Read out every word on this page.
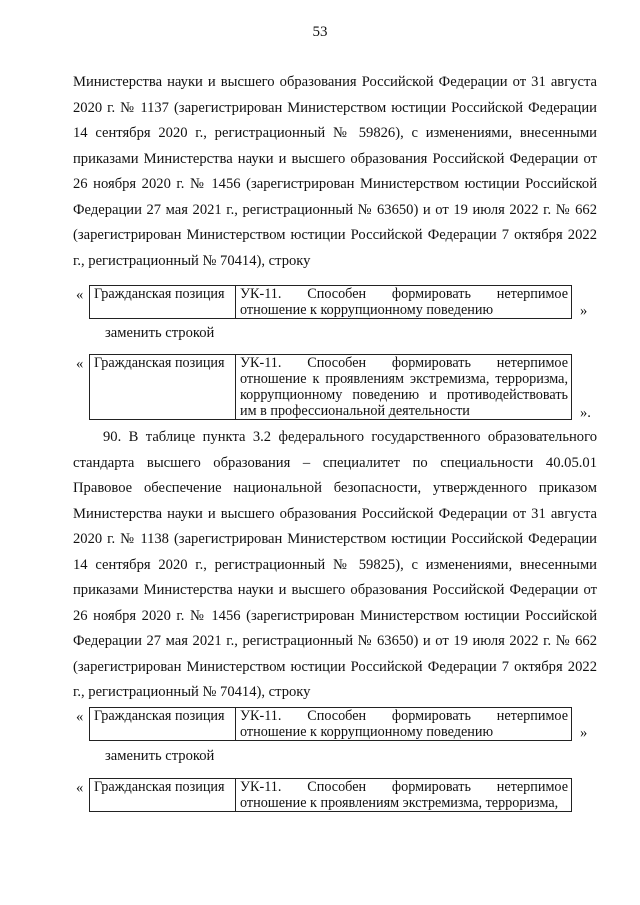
53

Министерства науки и высшего образования Российской Федерации от 31 августа 2020 г. № 1137 (зарегистрирован Министерством юстиции Российской Федерации 14 сентября 2020 г., регистрационный № 59826), с изменениями, внесенными приказами Министерства науки и высшего образования Российской Федерации от 26 ноября 2020 г. № 1456 (зарегистрирован Министерством юстиции Российской Федерации 27 мая 2021 г., регистрационный № 63650) и от 19 июля 2022 г. № 662 (зарегистрирован Министерством юстиции Российской Федерации 7 октября 2022 г., регистрационный № 70414), строку

« Гражданская позиция	УК-11. Способен формировать нетерпимое
отношение к коррупционному поведению	»
заменить строкой
« Гражданская позиция	УК-11. Способен формировать нетерпимое
отношение к проявлениям экстремизма, терроризма,
коррупционному поведению и противодействовать
им в профессиональной деятельности	».

90. В таблице пункта 3.2 федерального государственного образовательного стандарта высшего образования – специалитет по специальности 40.05.01 Правовое обеспечение национальной безопасности, утвержденного приказом Министерства науки и высшего образования Российской Федерации от 31 августа 2020 г. № 1138 (зарегистрирован Министерством юстиции Российской Федерации 14 сентября 2020 г., регистрационный № 59825), с изменениями, внесенными приказами Министерства науки и высшего образования Российской Федерации от 26 ноября 2020 г. № 1456 (зарегистрирован Министерством юстиции Российской Федерации 27 мая 2021 г., регистрационный № 63650) и от 19 июля 2022 г. № 662 (зарегистрирован Министерством юстиции Российской Федерации 7 октября 2022 г., регистрационный № 70414), строку

« Гражданская позиция	УК-11. Способен формировать нетерпимое
отношение к коррупционному поведению	»
заменить строкой
« Гражданская позиция	УК-11. Способен формировать нетерпимое
отношение к проявлениям экстремизма, терроризма,
